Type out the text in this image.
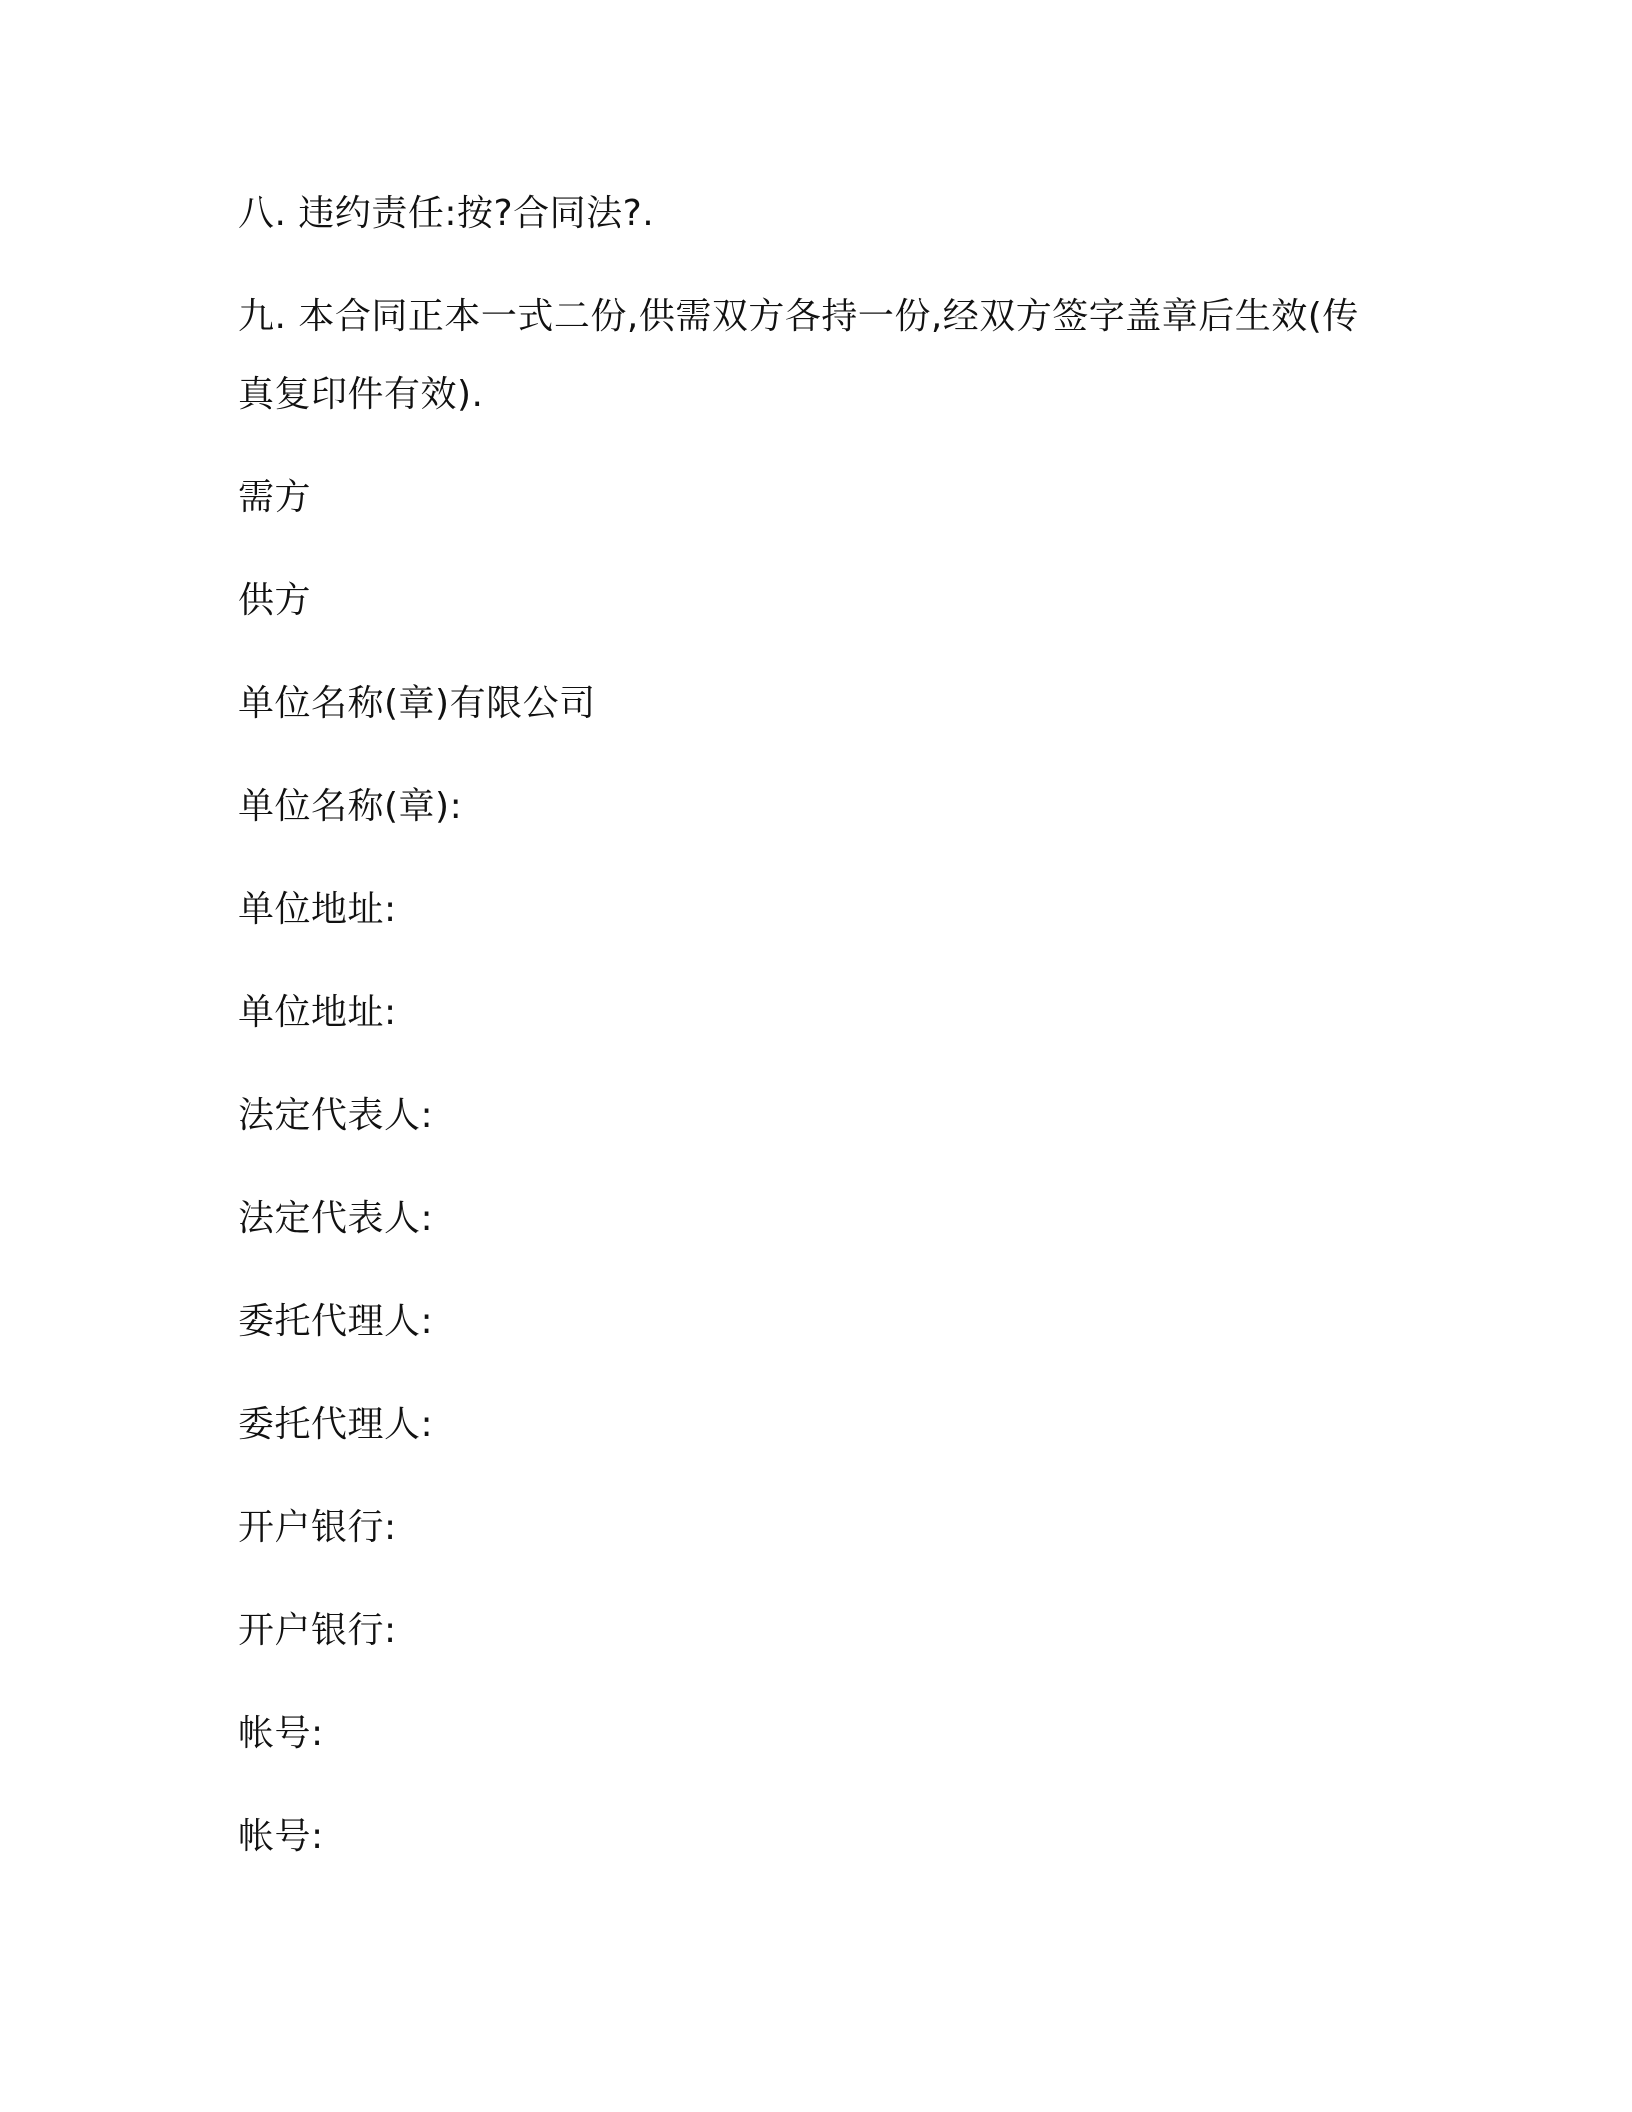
八. 违约责任:按?合同法?.

九. 本合同正本一式二份,供需双方各持一份,经双方签字盖章后生效(传真复印件有效).

需方
供方
单位名称(章)有限公司
单位名称(章):
单位地址:
单位地址:
法定代表人:
法定代表人:
委托代理人:
委托代理人:
开户银行:
开户银行:
帐号:
帐号:
